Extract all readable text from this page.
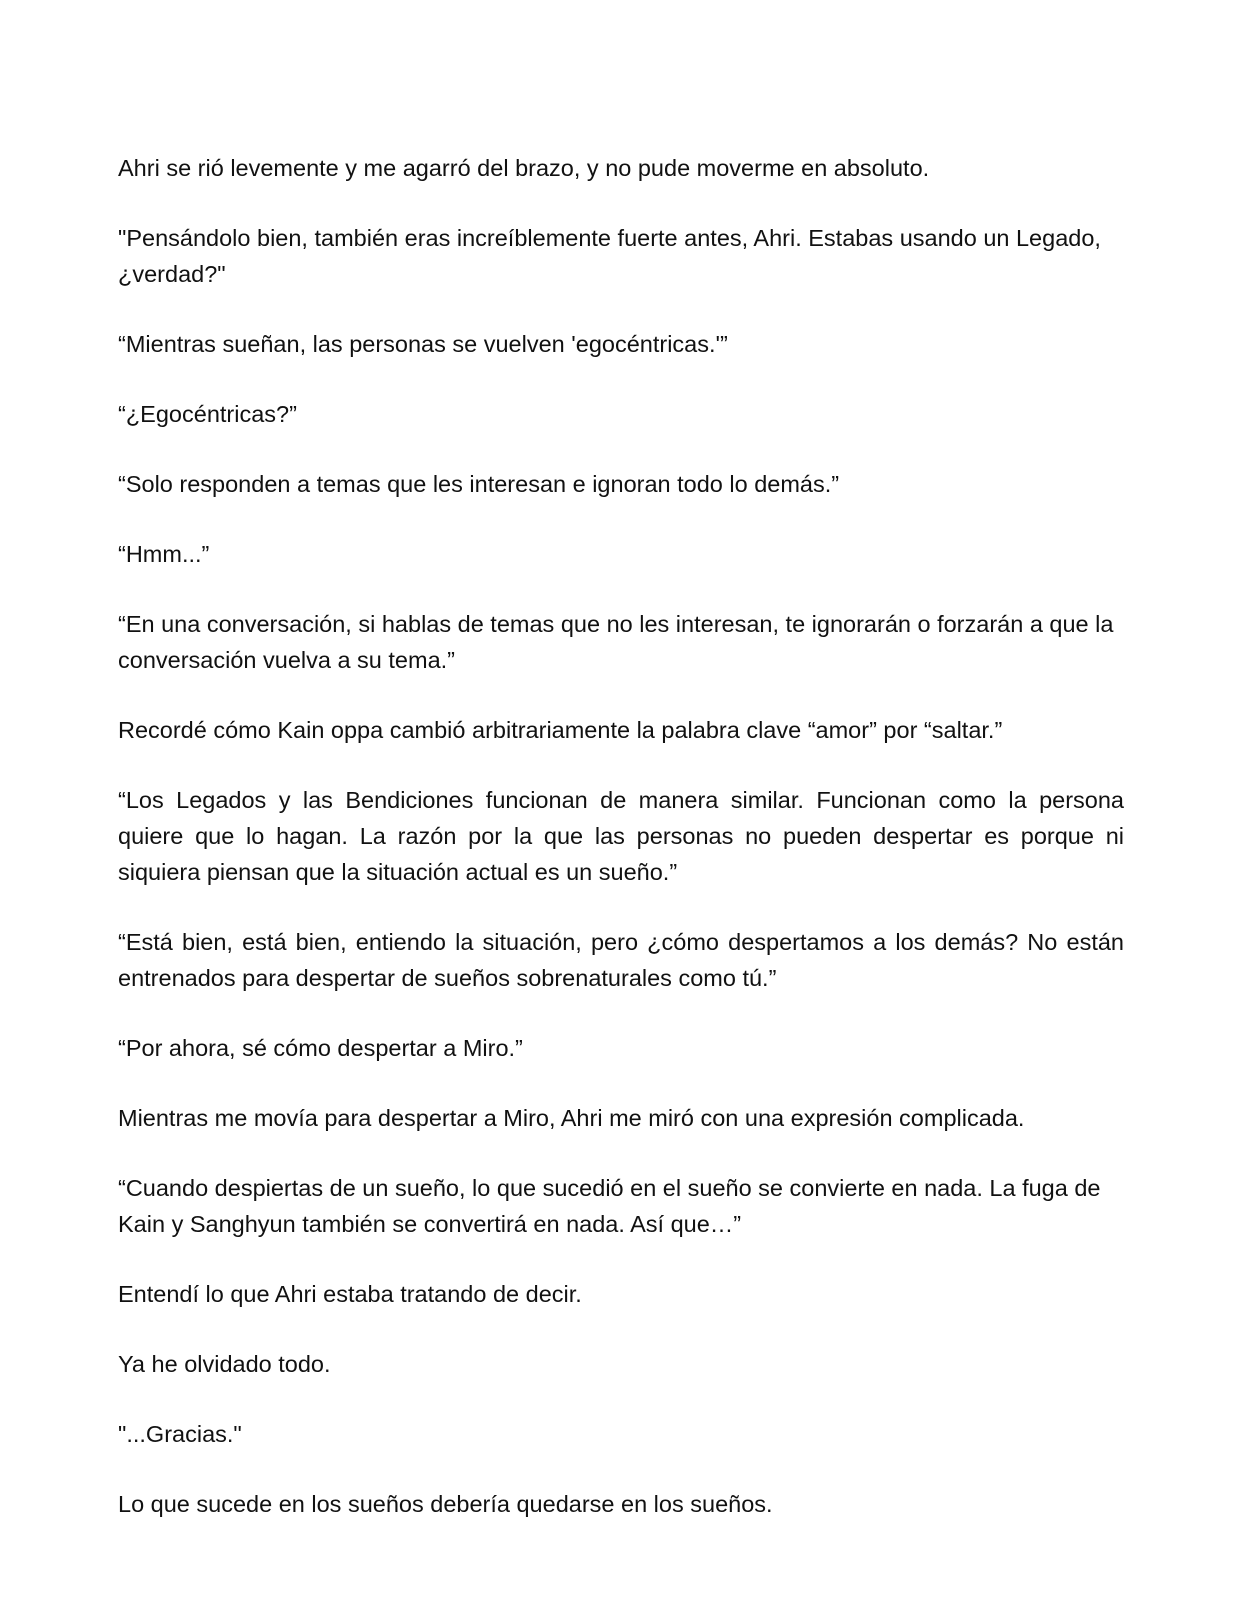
Ahri se rió levemente y me agarró del brazo, y no pude moverme en absoluto.

"Pensándolo bien, también eras increíblemente fuerte antes, Ahri. Estabas usando un Legado, ¿verdad?"

“Mientras sueñan, las personas se vuelven 'egocéntricas.'”

“¿Egocéntricas?”

“Solo responden a temas que les interesan e ignoran todo lo demás.”

“Hmm...”

“En una conversación, si hablas de temas que no les interesan, te ignorarán o forzarán a que la conversación vuelva a su tema.”

Recordé cómo Kain oppa cambió arbitrariamente la palabra clave “amor” por “saltar.”

“Los Legados y las Bendiciones funcionan de manera similar. Funcionan como la persona quiere que lo hagan. La razón por la que las personas no pueden despertar es porque ni siquiera piensan que la situación actual es un sueño.”

“Está bien, está bien, entiendo la situación, pero ¿cómo despertamos a los demás? No están entrenados para despertar de sueños sobrenaturales como tú.”

“Por ahora, sé cómo despertar a Miro.”

Mientras me movía para despertar a Miro, Ahri me miró con una expresión complicada.

“Cuando despiertas de un sueño, lo que sucedió en el sueño se convierte en nada. La fuga de Kain y Sanghyun también se convertirá en nada. Así que…”

Entendí lo que Ahri estaba tratando de decir.

Ya he olvidado todo.

"...Gracias."

Lo que sucede en los sueños debería quedarse en los sueños.
